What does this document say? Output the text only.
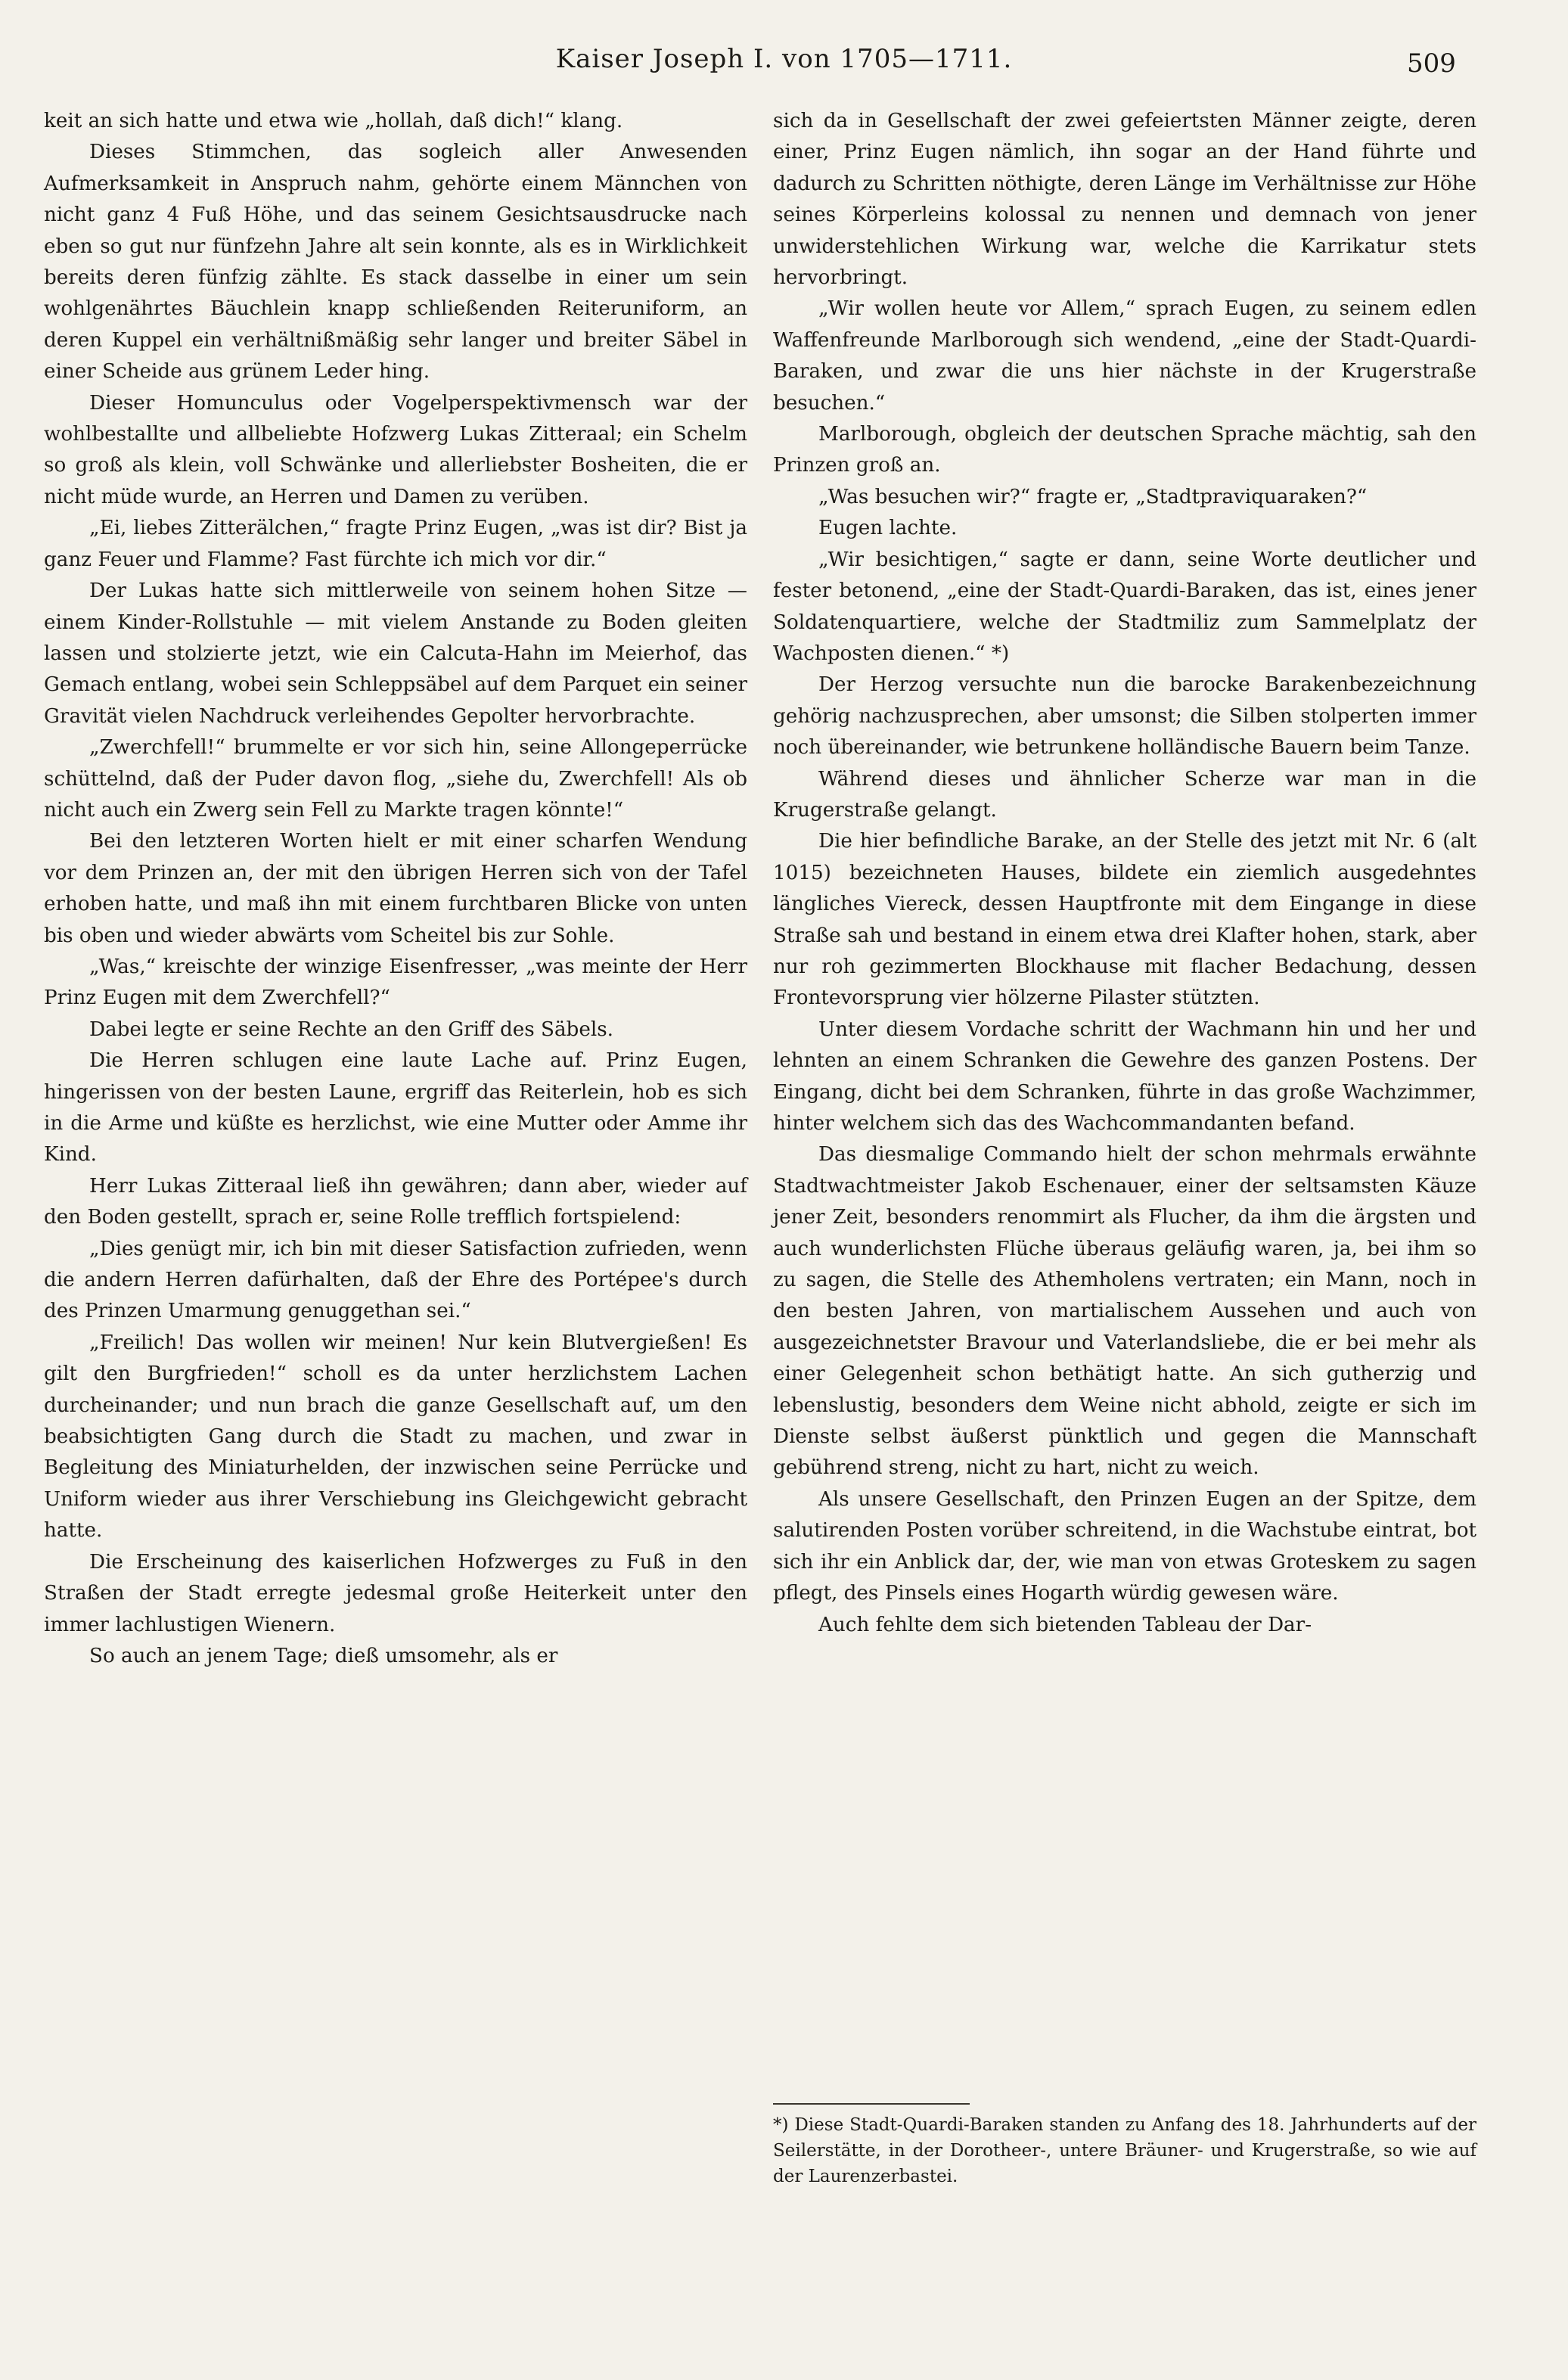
Kaiser Joseph I. von 1705—1711.	509

keit an sich hatte und etwa wie „hollah, daß dich!“ klang.

Dieses Stimmchen, das sogleich aller Anwesenden Aufmerksamkeit in Anspruch nahm, gehörte einem Männchen von nicht ganz 4 Fuß Höhe, und das seinem Gesichtsausdrucke nach eben so gut nur fünfzehn Jahre alt sein konnte, als es in Wirklichkeit bereits deren fünfzig zählte. Es stack dasselbe in einer um sein wohlgenährtes Bäuchlein knapp schließenden Reiteruniform, an deren Kuppel ein verhältnißmäßig sehr langer und breiter Säbel in einer Scheide aus grünem Leder hing.

Dieser Homunculus oder Vogelperspektivmensch war der wohlbestallte und allbeliebte Hofzwerg Lukas Zitteraal; ein Schelm so groß als klein, voll Schwänke und allerliebster Bosheiten, die er nicht müde wurde, an Herren und Damen zu verüben.

„Ei, liebes Zitterälchen,“ fragte Prinz Eugen, „was ist dir? Bist ja ganz Feuer und Flamme? Fast fürchte ich mich vor dir.“

Der Lukas hatte sich mittlerweile von seinem hohen Sitze — einem Kinder-Rollstuhle — mit vielem Anstande zu Boden gleiten lassen und stolzierte jetzt, wie ein Calcuta-Hahn im Meierhof, das Gemach entlang, wobei sein Schleppsäbel auf dem Parquet ein seiner Gravität vielen Nachdruck verleihendes Gepolter hervorbrachte.

„Zwerchfell!“ brummelte er vor sich hin, seine Allongeperrücke schüttelnd, daß der Puder davon flog, „siehe du, Zwerchfell! Als ob nicht auch ein Zwerg sein Fell zu Markte tragen könnte!“

Bei den letzteren Worten hielt er mit einer scharfen Wendung vor dem Prinzen an, der mit den übrigen Herren sich von der Tafel erhoben hatte, und maß ihn mit einem furchtbaren Blicke von unten bis oben und wieder abwärts vom Scheitel bis zur Sohle.

„Was,“ kreischte der winzige Eisenfresser, „was meinte der Herr Prinz Eugen mit dem Zwerchfell?“

Dabei legte er seine Rechte an den Griff des Säbels.

Die Herren schlugen eine laute Lache auf. Prinz Eugen, hingerissen von der besten Laune, ergriff das Reiterlein, hob es sich in die Arme und küßte es herzlichst, wie eine Mutter oder Amme ihr Kind.

Herr Lukas Zitteraal ließ ihn gewähren; dann aber, wieder auf den Boden gestellt, sprach er, seine Rolle trefflich fortspielend:

„Dies genügt mir, ich bin mit dieser Satisfaction zufrieden, wenn die andern Herren dafürhalten, daß der Ehre des Portépee's durch des Prinzen Umarmung genuggethan sei.“

„Freilich! Das wollen wir meinen! Nur kein Blutvergießen! Es gilt den Burgfrieden!“ scholl es da unter herzlichstem Lachen durcheinander; und nun brach die ganze Gesellschaft auf, um den beabsichtigten Gang durch die Stadt zu machen, und zwar in Begleitung des Miniaturhelden, der inzwischen seine Perrücke und Uniform wieder aus ihrer Verschiebung ins Gleichgewicht gebracht hatte.

Die Erscheinung des kaiserlichen Hofzwerges zu Fuß in den Straßen der Stadt erregte jedesmal große Heiterkeit unter den immer lachlustigen Wienern.

So auch an jenem Tage; dieß umsomehr, als er

sich da in Gesellschaft der zwei gefeiertsten Männer zeigte, deren einer, Prinz Eugen nämlich, ihn sogar an der Hand führte und dadurch zu Schritten nöthigte, deren Länge im Verhältnisse zur Höhe seines Körperleins kolossal zu nennen und demnach von jener unwiderstehlichen Wirkung war, welche die Karrikatur stets hervorbringt.

„Wir wollen heute vor Allem,“ sprach Eugen, zu seinem edlen Waffenfreunde Marlborough sich wendend, „eine der Stadt-Quardi-Baraken, und zwar die uns hier nächste in der Krugerstraße besuchen.“

Marlborough, obgleich der deutschen Sprache mächtig, sah den Prinzen groß an.

„Was besuchen wir?“ fragte er, „Stadtpraviquaraken?“

Eugen lachte.

„Wir besichtigen,“ sagte er dann, seine Worte deutlicher und fester betonend, „eine der Stadt-Quardi-Baraken, das ist, eines jener Soldatenquartiere, welche der Stadtmiliz zum Sammelplatz der Wachposten dienen.“ *)

Der Herzog versuchte nun die barocke Barakenbezeichnung gehörig nachzusprechen, aber umsonst; die Silben stolperten immer noch übereinander, wie betrunkene holländische Bauern beim Tanze.

Während dieses und ähnlicher Scherze war man in die Krugerstraße gelangt.

Die hier befindliche Barake, an der Stelle des jetzt mit Nr. 6 (alt 1015) bezeichneten Hauses, bildete ein ziemlich ausgedehntes längliches Viereck, dessen Hauptfronte mit dem Eingange in diese Straße sah und bestand in einem etwa drei Klafter hohen, stark, aber nur roh gezimmerten Blockhause mit flacher Bedachung, dessen Frontevorsprung vier hölzerne Pilaster stützten.

Unter diesem Vordache schritt der Wachmann hin und her und lehnten an einem Schranken die Gewehre des ganzen Postens. Der Eingang, dicht bei dem Schranken, führte in das große Wachzimmer, hinter welchem sich das des Wachcommandanten befand.

Das diesmalige Commando hielt der schon mehrmals erwähnte Stadtwachtmeister Jakob Eschenauer, einer der seltsamsten Käuze jener Zeit, besonders renommirt als Flucher, da ihm die ärgsten und auch wunderlichsten Flüche überaus geläufig waren, ja, bei ihm so zu sagen, die Stelle des Athemholens vertraten; ein Mann, noch in den besten Jahren, von martialischem Aussehen und auch von ausgezeichnetster Bravour und Vaterlandsliebe, die er bei mehr als einer Gelegenheit schon bethätigt hatte. An sich gutherzig und lebenslustig, besonders dem Weine nicht abhold, zeigte er sich im Dienste selbst äußerst pünktlich und gegen die Mannschaft gebührend streng, nicht zu hart, nicht zu weich.

Als unsere Gesellschaft, den Prinzen Eugen an der Spitze, dem salutirenden Posten vorüber schreitend, in die Wachstube eintrat, bot sich ihr ein Anblick dar, der, wie man von etwas Groteskem zu sagen pflegt, des Pinsels eines Hogarth würdig gewesen wäre.

Auch fehlte dem sich bietenden Tableau der Dar-

*) Diese Stadt-Quardi-Baraken standen zu Anfang des 18. Jahrhunderts auf der Seilerstätte, in der Dorotheer-, untere Bräuner- und Krugerstraße, so wie auf der Laurenzerbastei.
